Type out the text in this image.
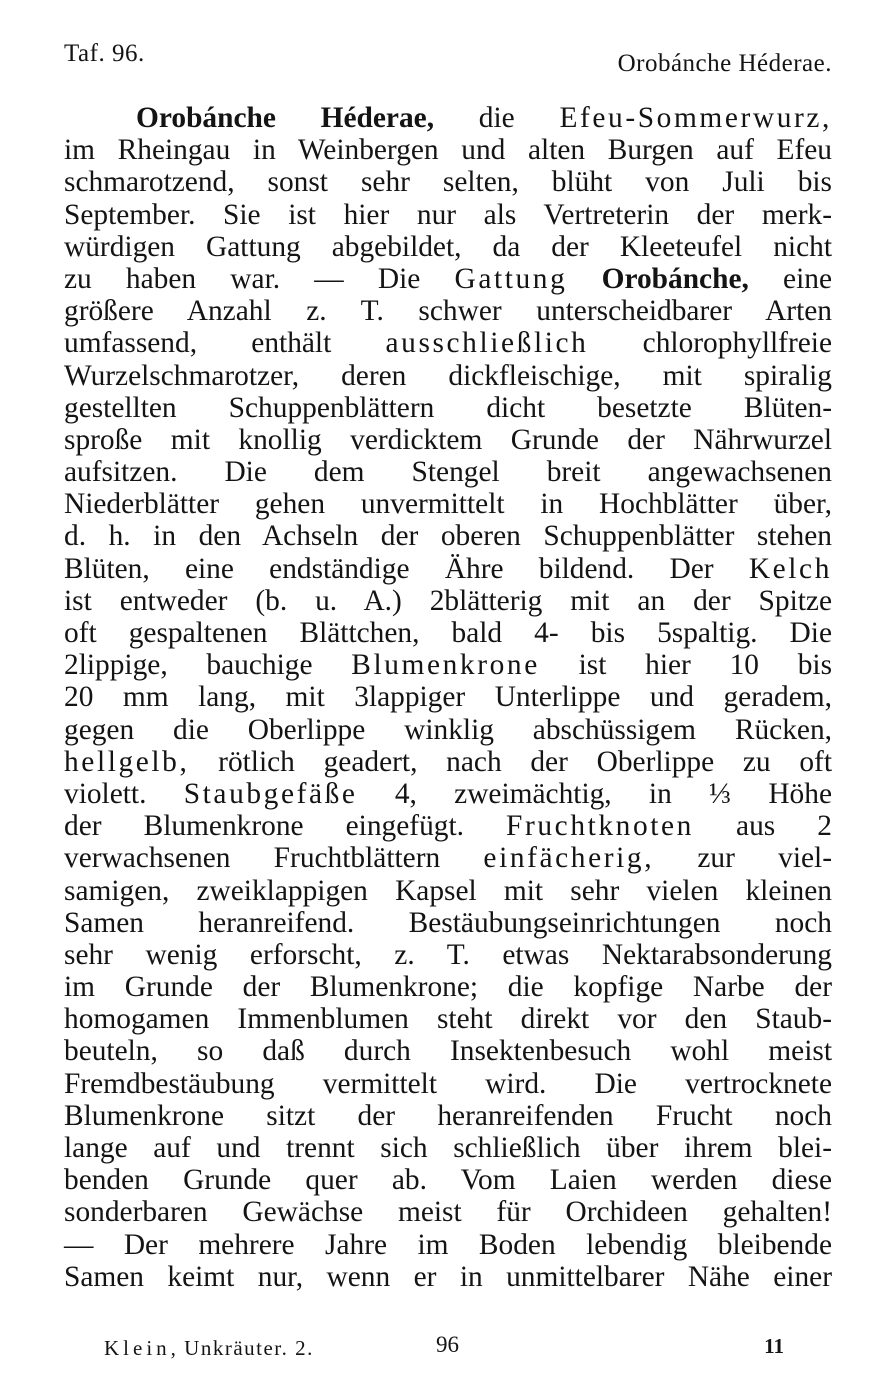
Taf. 96.	Orobánche Héderae.
Orobánche Héderae, die Efeu-Sommerwurz,
im Rheingau in Weinbergen und alten Burgen auf Efeu
schmarotzend, sonst sehr selten, blüht von Juli bis
September. Sie ist hier nur als Vertreterin der merk-
würdigen Gattung abgebildet, da der Kleeteufel nicht
zu haben war. — Die Gattung Orobánche, eine
größere Anzahl z. T. schwer unterscheidbarer Arten
umfassend, enthält ausschließlich chlorophyllfreie
Wurzelschmarotzer, deren dickfleischige, mit spiralig
gestellten Schuppenblättern dicht besetzte Blüten-
sproße mit knollig verdicktem Grunde der Nährwurzel
aufsitzen. Die dem Stengel breit angewachsenen
Niederblätter gehen unvermittelt in Hochblätter über,
d. h. in den Achseln der oberen Schuppenblätter stehen
Blüten, eine endständige Ähre bildend. Der Kelch
ist entweder (b. u. A.) 2blätterig mit an der Spitze
oft gespaltenen Blättchen, bald 4- bis 5spaltig. Die
2lippige, bauchige Blumenkrone ist hier 10 bis
20 mm lang, mit 3lappiger Unterlippe und geradem,
gegen die Oberlippe winklig abschüssigem Rücken,
hellgelb, rötlich geadert, nach der Oberlippe zu oft
violett. Staubgefäße 4, zweimächtig, in ⅓ Höhe
der Blumenkrone eingefügt. Fruchtknoten aus 2
verwachsenen Fruchtblättern einfächerig, zur viel-
samigen, zweiklappigen Kapsel mit sehr vielen kleinen
Samen heranreifend. Bestäubungseinrichtungen noch
sehr wenig erforscht, z. T. etwas Nektarabsonderung
im Grunde der Blumenkrone; die kopfige Narbe der
homogamen Immenblumen steht direkt vor den Staub-
beuteln, so daß durch Insektenbesuch wohl meist
Fremdbestäubung vermittelt wird. Die vertrocknete
Blumenkrone sitzt der heranreifenden Frucht noch
lange auf und trennt sich schließlich über ihrem blei-
benden Grunde quer ab. Vom Laien werden diese
sonderbaren Gewächse meist für Orchideen gehalten!
— Der mehrere Jahre im Boden lebendig bleibende
Samen keimt nur, wenn er in unmittelbarer Nähe einer
Klein, Unkräuter. 2.	96	11
